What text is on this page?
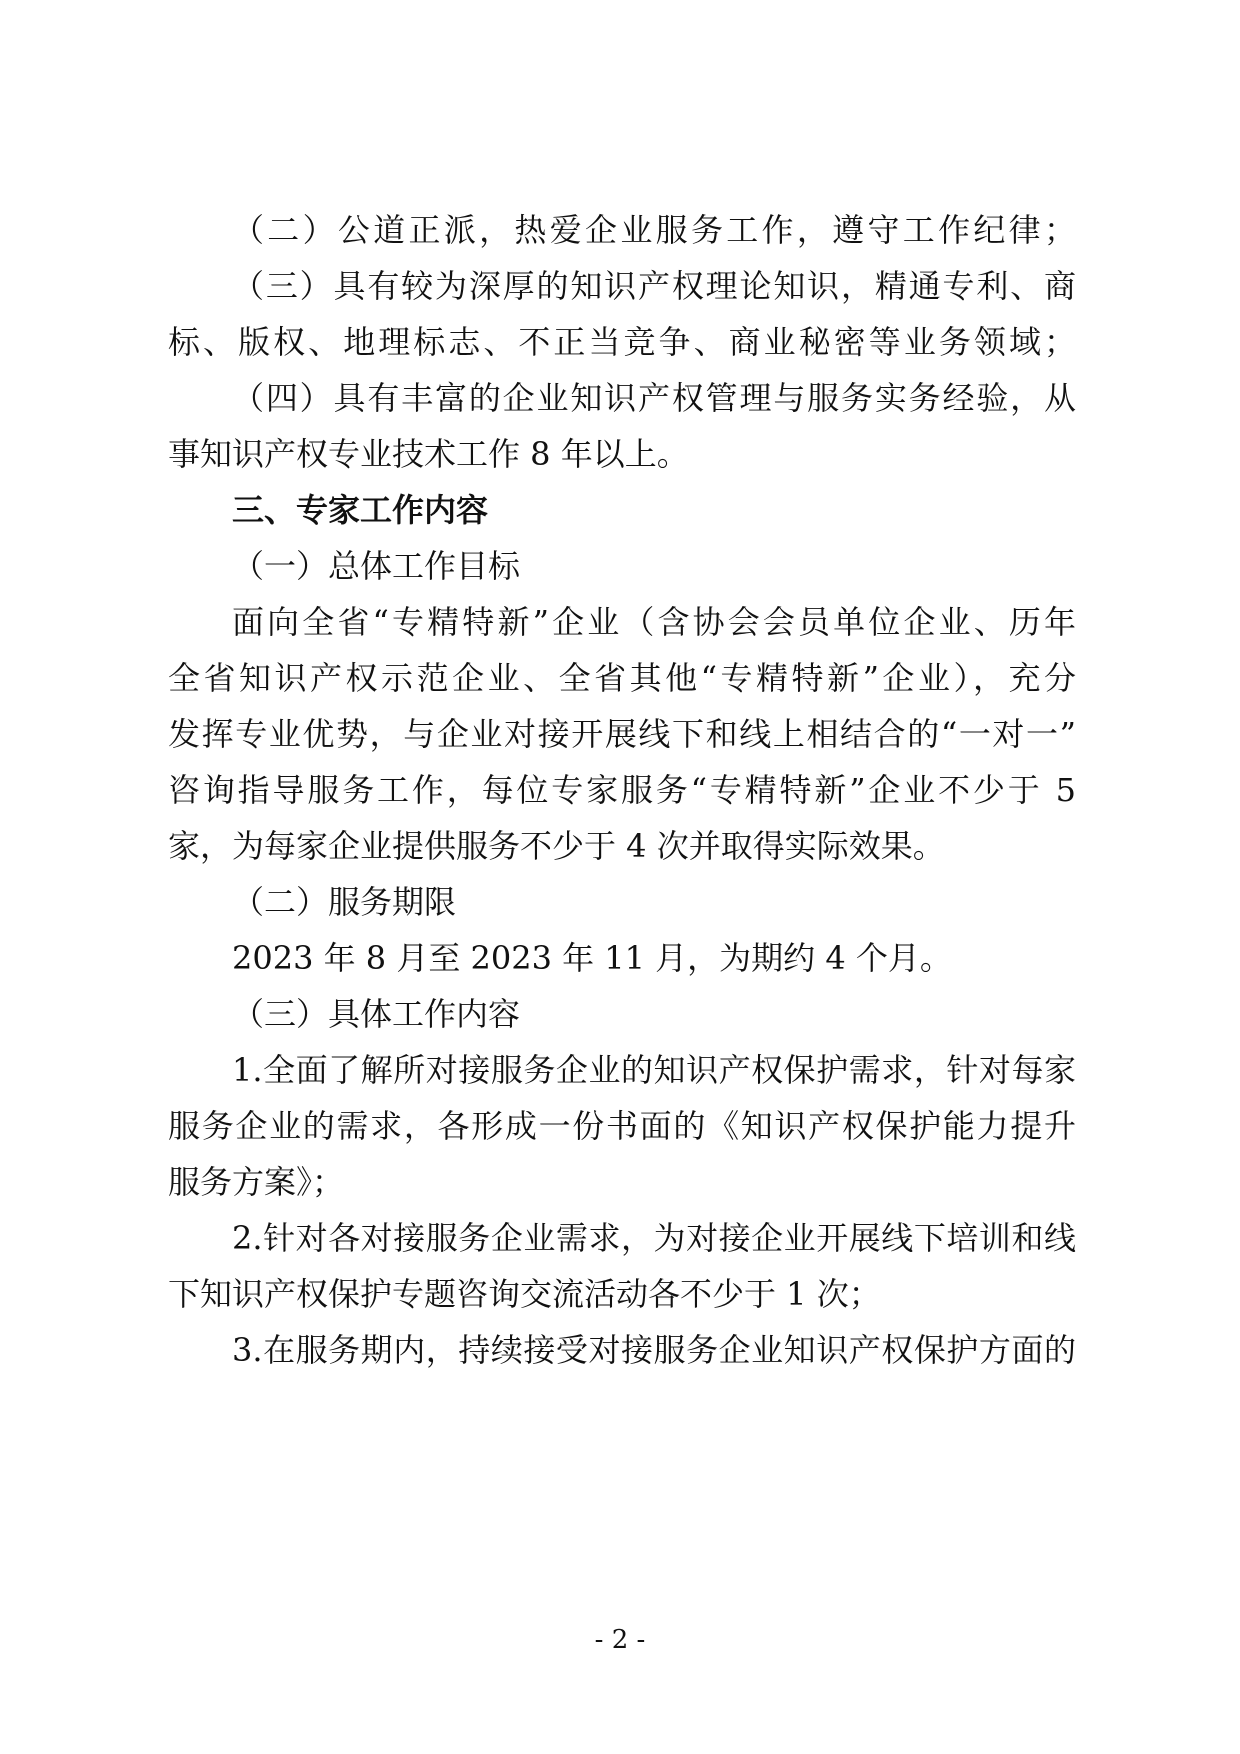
（二）公道正派，热爱企业服务工作，遵守工作纪律；
（三）具有较为深厚的知识产权理论知识，精通专利、商
标、版权、地理标志、不正当竞争、商业秘密等业务领域；
（四）具有丰富的企业知识产权管理与服务实务经验，从
事知识产权专业技术工作 8 年以上。
三、专家工作内容
（一）总体工作目标
面向全省“专精特新”企业（含协会会员单位企业、历年
全省知识产权示范企业、全省其他“专精特新”企业），充分
发挥专业优势，与企业对接开展线下和线上相结合的“一对一”
咨询指导服务工作，每位专家服务“专精特新”企业不少于 5
家，为每家企业提供服务不少于 4 次并取得实际效果。
（二）服务期限
2023 年 8 月至 2023 年 11 月，为期约 4 个月。
（三）具体工作内容
1.全面了解所对接服务企业的知识产权保护需求，针对每家
服务企业的需求，各形成一份书面的《知识产权保护能力提升
服务方案》；
2.针对各对接服务企业需求，为对接企业开展线下培训和线
下知识产权保护专题咨询交流活动各不少于 1 次；
3.在服务期内，持续接受对接服务企业知识产权保护方面的
- 2 -
